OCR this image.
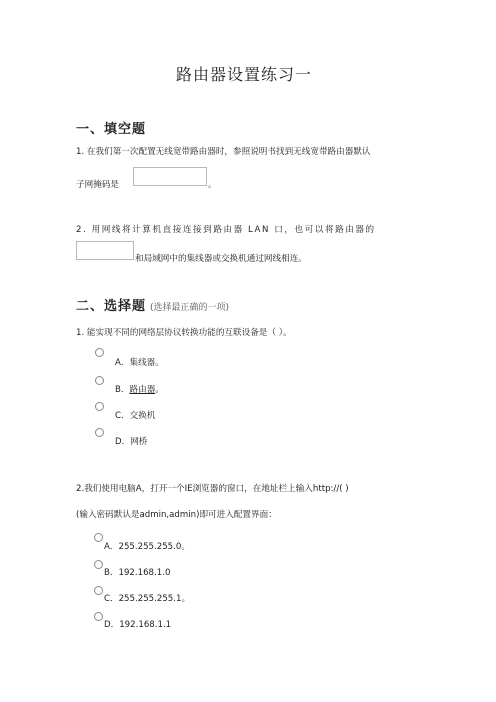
路由器设置练习一
一、填空题
1. 在我们第一次配置无线宽带路由器时，参照说明书找到无线宽带路由器默认
子网掩码是	。
2. 用网线将计算机直接连接到路由器 LAN 口，也可以将路由器的
和局域网中的集线器或交换机通过网线相连。
二、选择题 (选择最正确的一项)
1. 能实现不同的网络层协议转换功能的互联设备是（ ）。
A．集线器。
B．路由器。
C．交换机
D．网桥
2.我们使用电脑A，打开一个IE浏览器的窗口，在地址栏上输入http://( )
(输入密码默认是admin,admin)即可进入配置界面：
A．255.255.255.0。
B．192.168.1.0
C．255.255.255.1。
D．192.168.1.1
